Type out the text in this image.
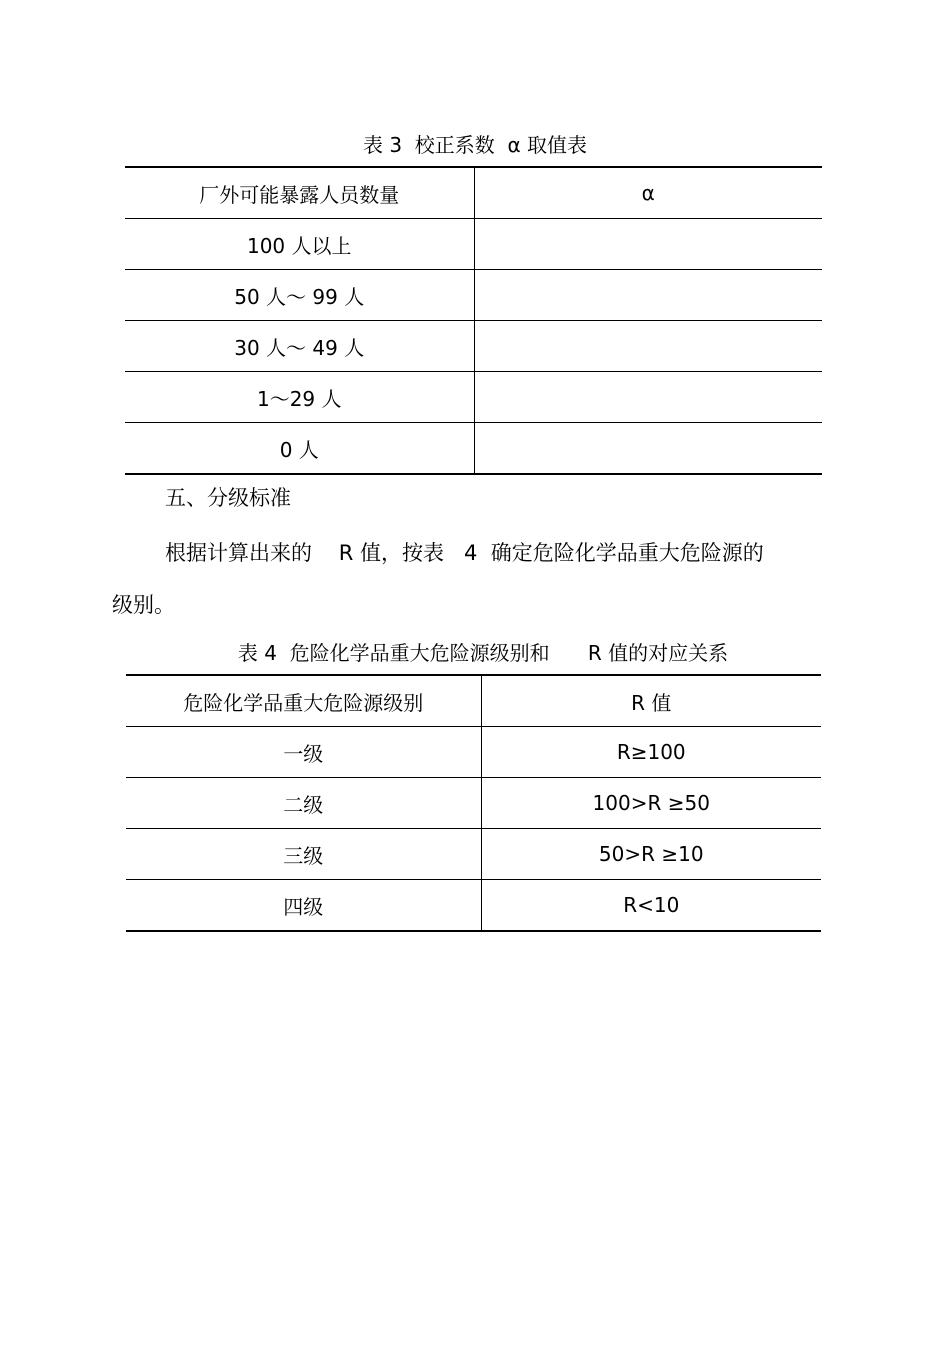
表 3  校正系数  α 取值表
厂外可能暴露人员数量	α
100 人以上	
50 人～ 99 人	
30 人～ 49 人	
1～29 人	
0 人	
五、分级标准
根据计算出来的    R 值，按表   4  确定危险化学品重大危险源的
级别。
表 4  危险化学品重大危险源级别和      R 值的对应关系
危险化学品重大危险源级别	R 值
一级	R≥100
二级	100>R ≥50
三级	50>R ≥10
四级	R<10
